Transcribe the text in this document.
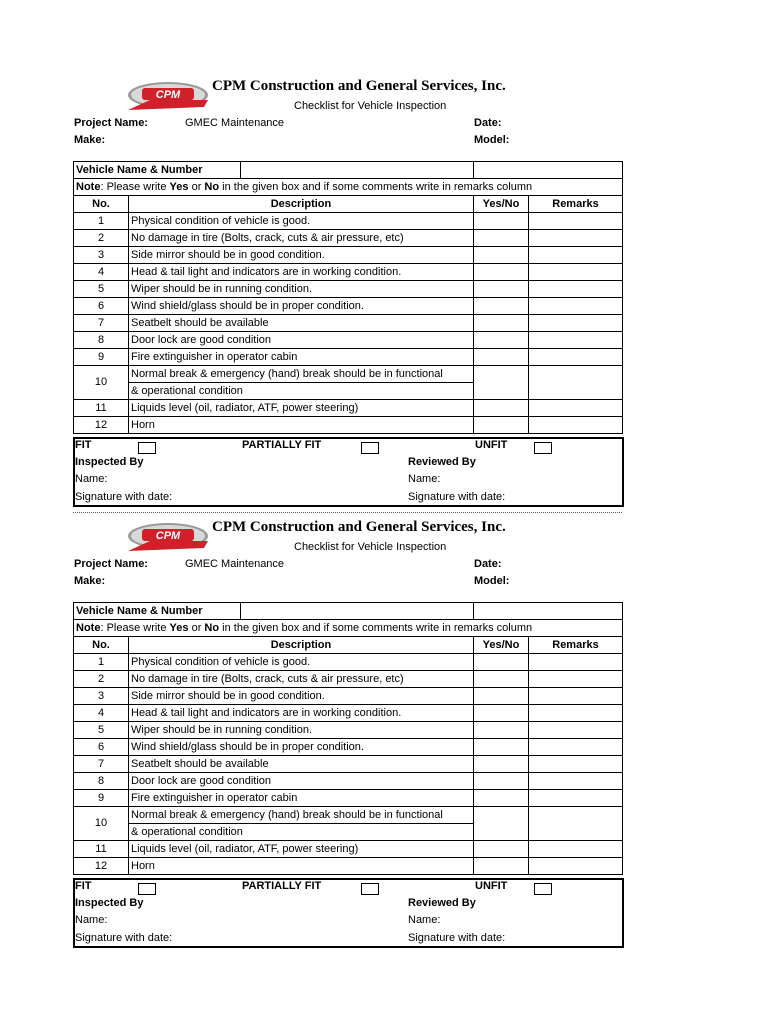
CPM
CPM Construction and General Services, Inc.
Checklist for Vehicle Inspection
Project Name:	GMEC Maintenance	Date:
Make:	Model:
Vehicle Name & Number			
Note: Please write Yes or No in the given box and if some comments write in remarks column			
No.	Description	Yes/No	Remarks
1	Physical condition of vehicle is good.		
2	No damage in tire (Bolts, crack, cuts & air pressure, etc)		
3	Side mirror should be in good condition.		
4	Head & tail light and indicators are in working condition.		
5	Wiper should be in running condition.		
6	Wind shield/glass should be in proper condition.		
7	Seatbelt should be available		
8	Door lock are good condition		
9	Fire extinguisher in operator cabin		
10	Normal break & emergency (hand) break should be in functional		
	& operational condition		
11	Liquids level (oil, radiator, ATF, power steering)		
12	Horn		
FIT	PARTIALLY FIT	UNFIT
Inspected By	Reviewed By
Name:	Name:
Signature with date:	Signature with date:
CPM
CPM Construction and General Services, Inc.
Checklist for Vehicle Inspection
Project Name:	GMEC Maintenance	Date:
Make:	Model:
Vehicle Name & Number			
Note: Please write Yes or No in the given box and if some comments write in remarks column			
No.	Description	Yes/No	Remarks
1	Physical condition of vehicle is good.		
2	No damage in tire (Bolts, crack, cuts & air pressure, etc)		
3	Side mirror should be in good condition.		
4	Head & tail light and indicators are in working condition.		
5	Wiper should be in running condition.		
6	Wind shield/glass should be in proper condition.		
7	Seatbelt should be available		
8	Door lock are good condition		
9	Fire extinguisher in operator cabin		
10	Normal break & emergency (hand) break should be in functional		
	& operational condition		
11	Liquids level (oil, radiator, ATF, power steering)		
12	Horn		
FIT	PARTIALLY FIT	UNFIT
Inspected By	Reviewed By
Name:	Name:
Signature with date:	Signature with date:
